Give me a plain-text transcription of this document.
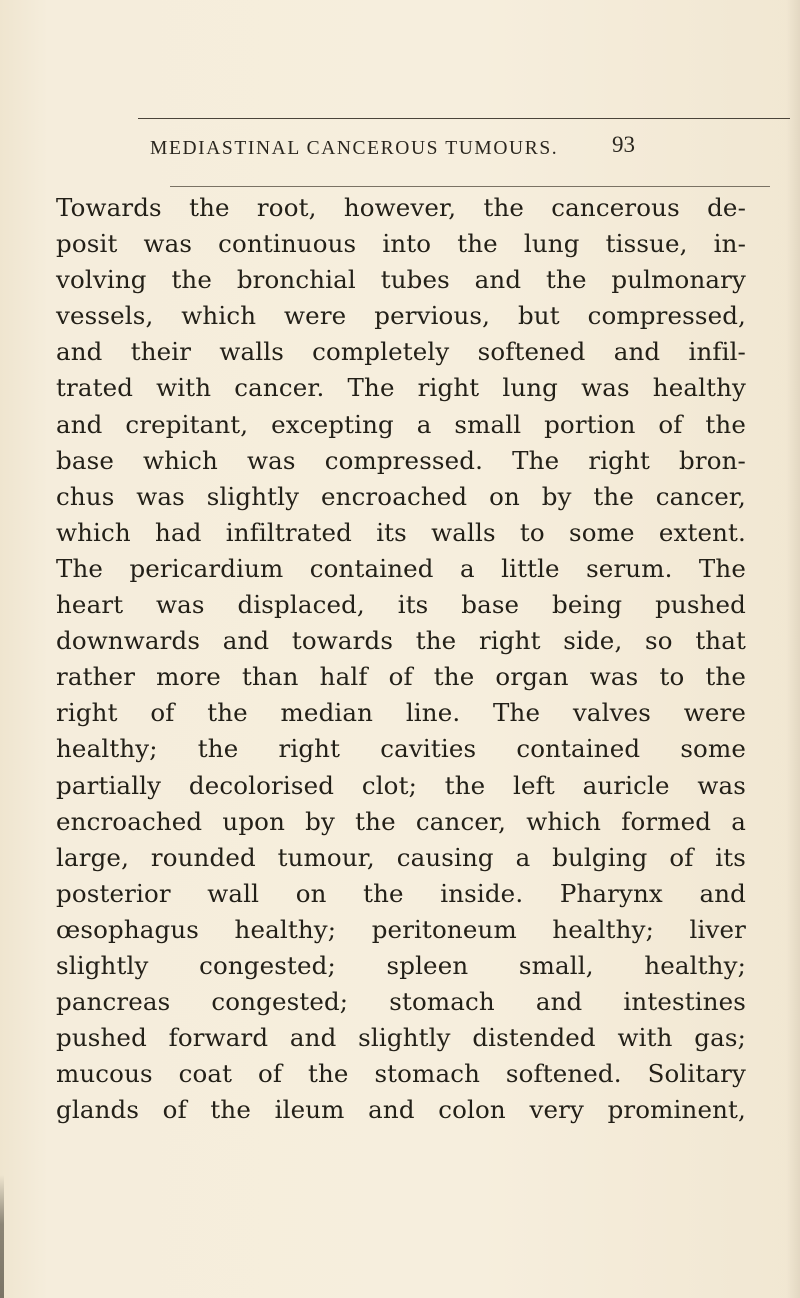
MEDIASTINAL CANCEROUS TUMOURS.	93
Towards the root, however, the cancerous de-
posit was continuous into the lung tissue, in-
volving the bronchial tubes and the pulmonary
vessels, which were pervious, but compressed,
and their walls completely softened and infil-
trated with cancer. The right lung was healthy
and crepitant, excepting a small portion of the
base which was compressed. The right bron-
chus was slightly encroached on by the cancer,
which had infiltrated its walls to some extent.
The pericardium contained a little serum. The
heart was displaced, its base being pushed
downwards and towards the right side, so that
rather more than half of the organ was to the
right of the median line. The valves were
healthy; the right cavities contained some
partially decolorised clot; the left auricle was
encroached upon by the cancer, which formed a
large, rounded tumour, causing a bulging of its
posterior wall on the inside. Pharynx and
œsophagus healthy; peritoneum healthy; liver
slightly congested; spleen small, healthy;
pancreas congested; stomach and intestines
pushed forward and slightly distended with gas;
mucous coat of the stomach softened. Solitary
glands of the ileum and colon very prominent,
